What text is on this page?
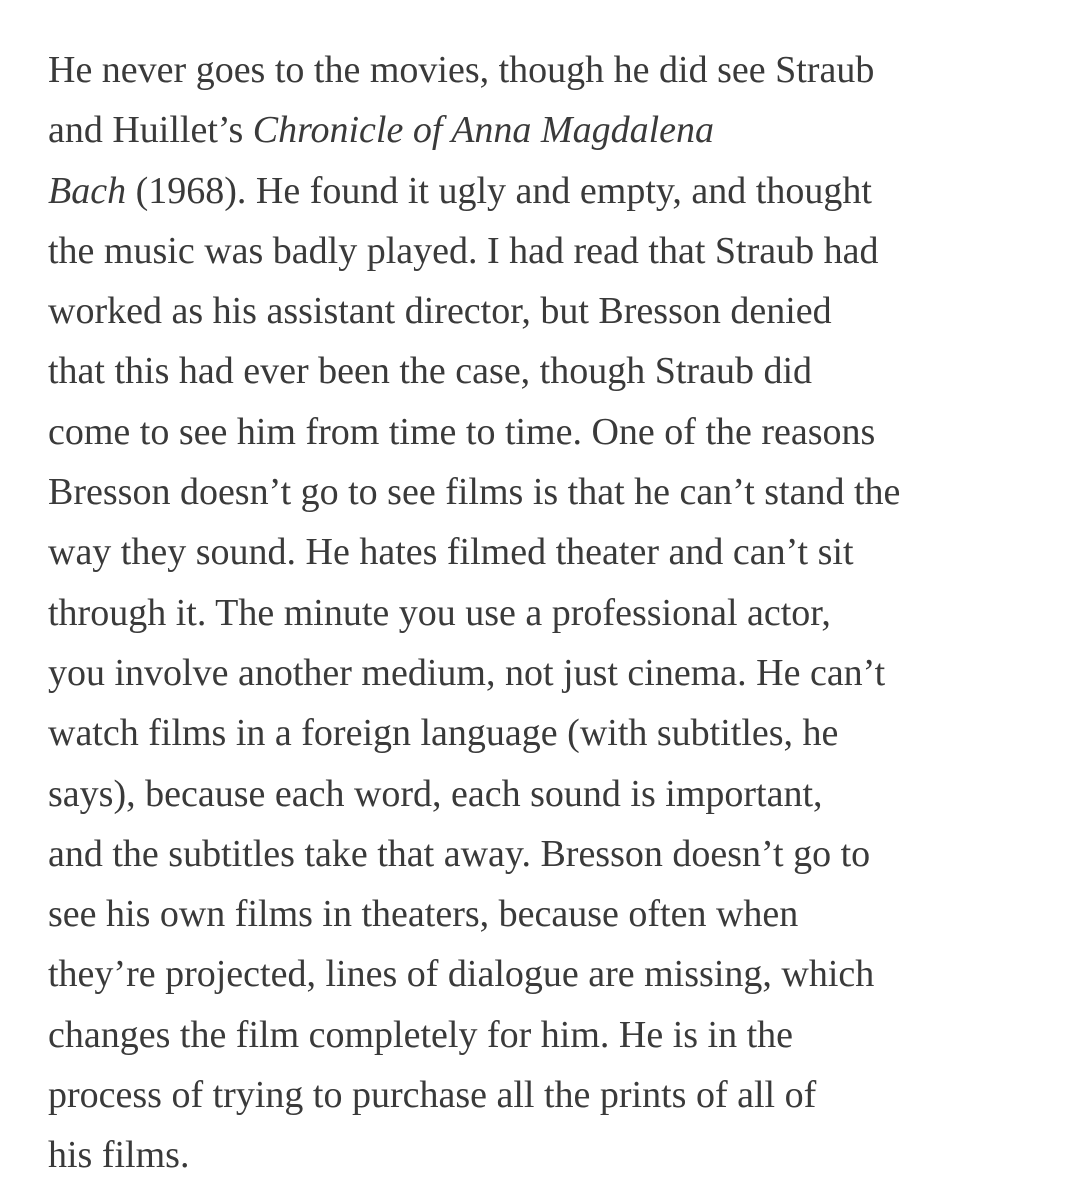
He never goes to the movies, though he did see Straub
and Huillet’s Chronicle of Anna Magdalena
Bach (1968). He found it ugly and empty, and thought
the music was badly played. I had read that Straub had
worked as his assistant director, but Bresson denied
that this had ever been the case, though Straub did
come to see him from time to time. One of the reasons
Bresson doesn’t go to see films is that he can’t stand the
way they sound. He hates filmed theater and can’t sit
through it. The minute you use a professional actor,
you involve another medium, not just cinema. He can’t
watch films in a foreign language (with subtitles, he
says), because each word, each sound is important,
and the subtitles take that away. Bresson doesn’t go to
see his own films in theaters, because often when
they’re projected, lines of dialogue are missing, which
changes the film completely for him. He is in the
process of trying to purchase all the prints of all of
his films.
